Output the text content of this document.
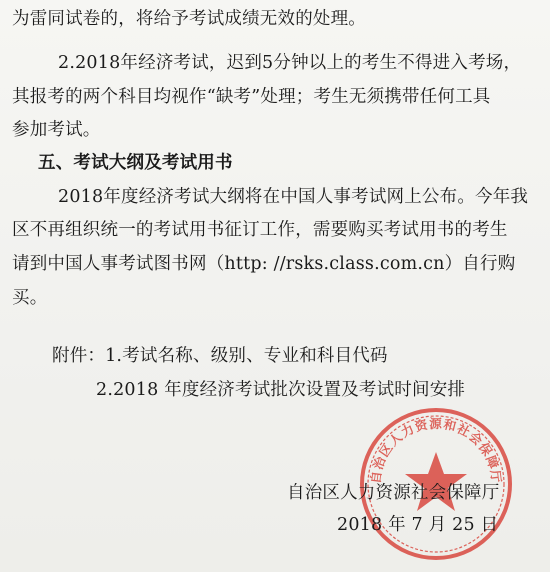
为雷同试卷的，将给予考试成绩无效的处理。
2.2018年经济考试，迟到5分钟以上的考生不得进入考场，
其报考的两个科目均视作“缺考”处理；考生无须携带任何工具
参加考试。
五、考试大纲及考试用书
2018年度经济考试大纲将在中国人事考试网上公布。今年我
区不再组织统一的考试用书征订工作，需要购买考试用书的考生
请到中国人事考试图书网（http: //rsks.class.com.cn）自行购
买。
附件：1.考试名称、级别、专业和科目代码
2.2018 年度经济考试批次设置及考试时间安排
自治区人力资源和社会保障厅
自治区人力资源社会保障厅
2018 年 7 月 25 日
